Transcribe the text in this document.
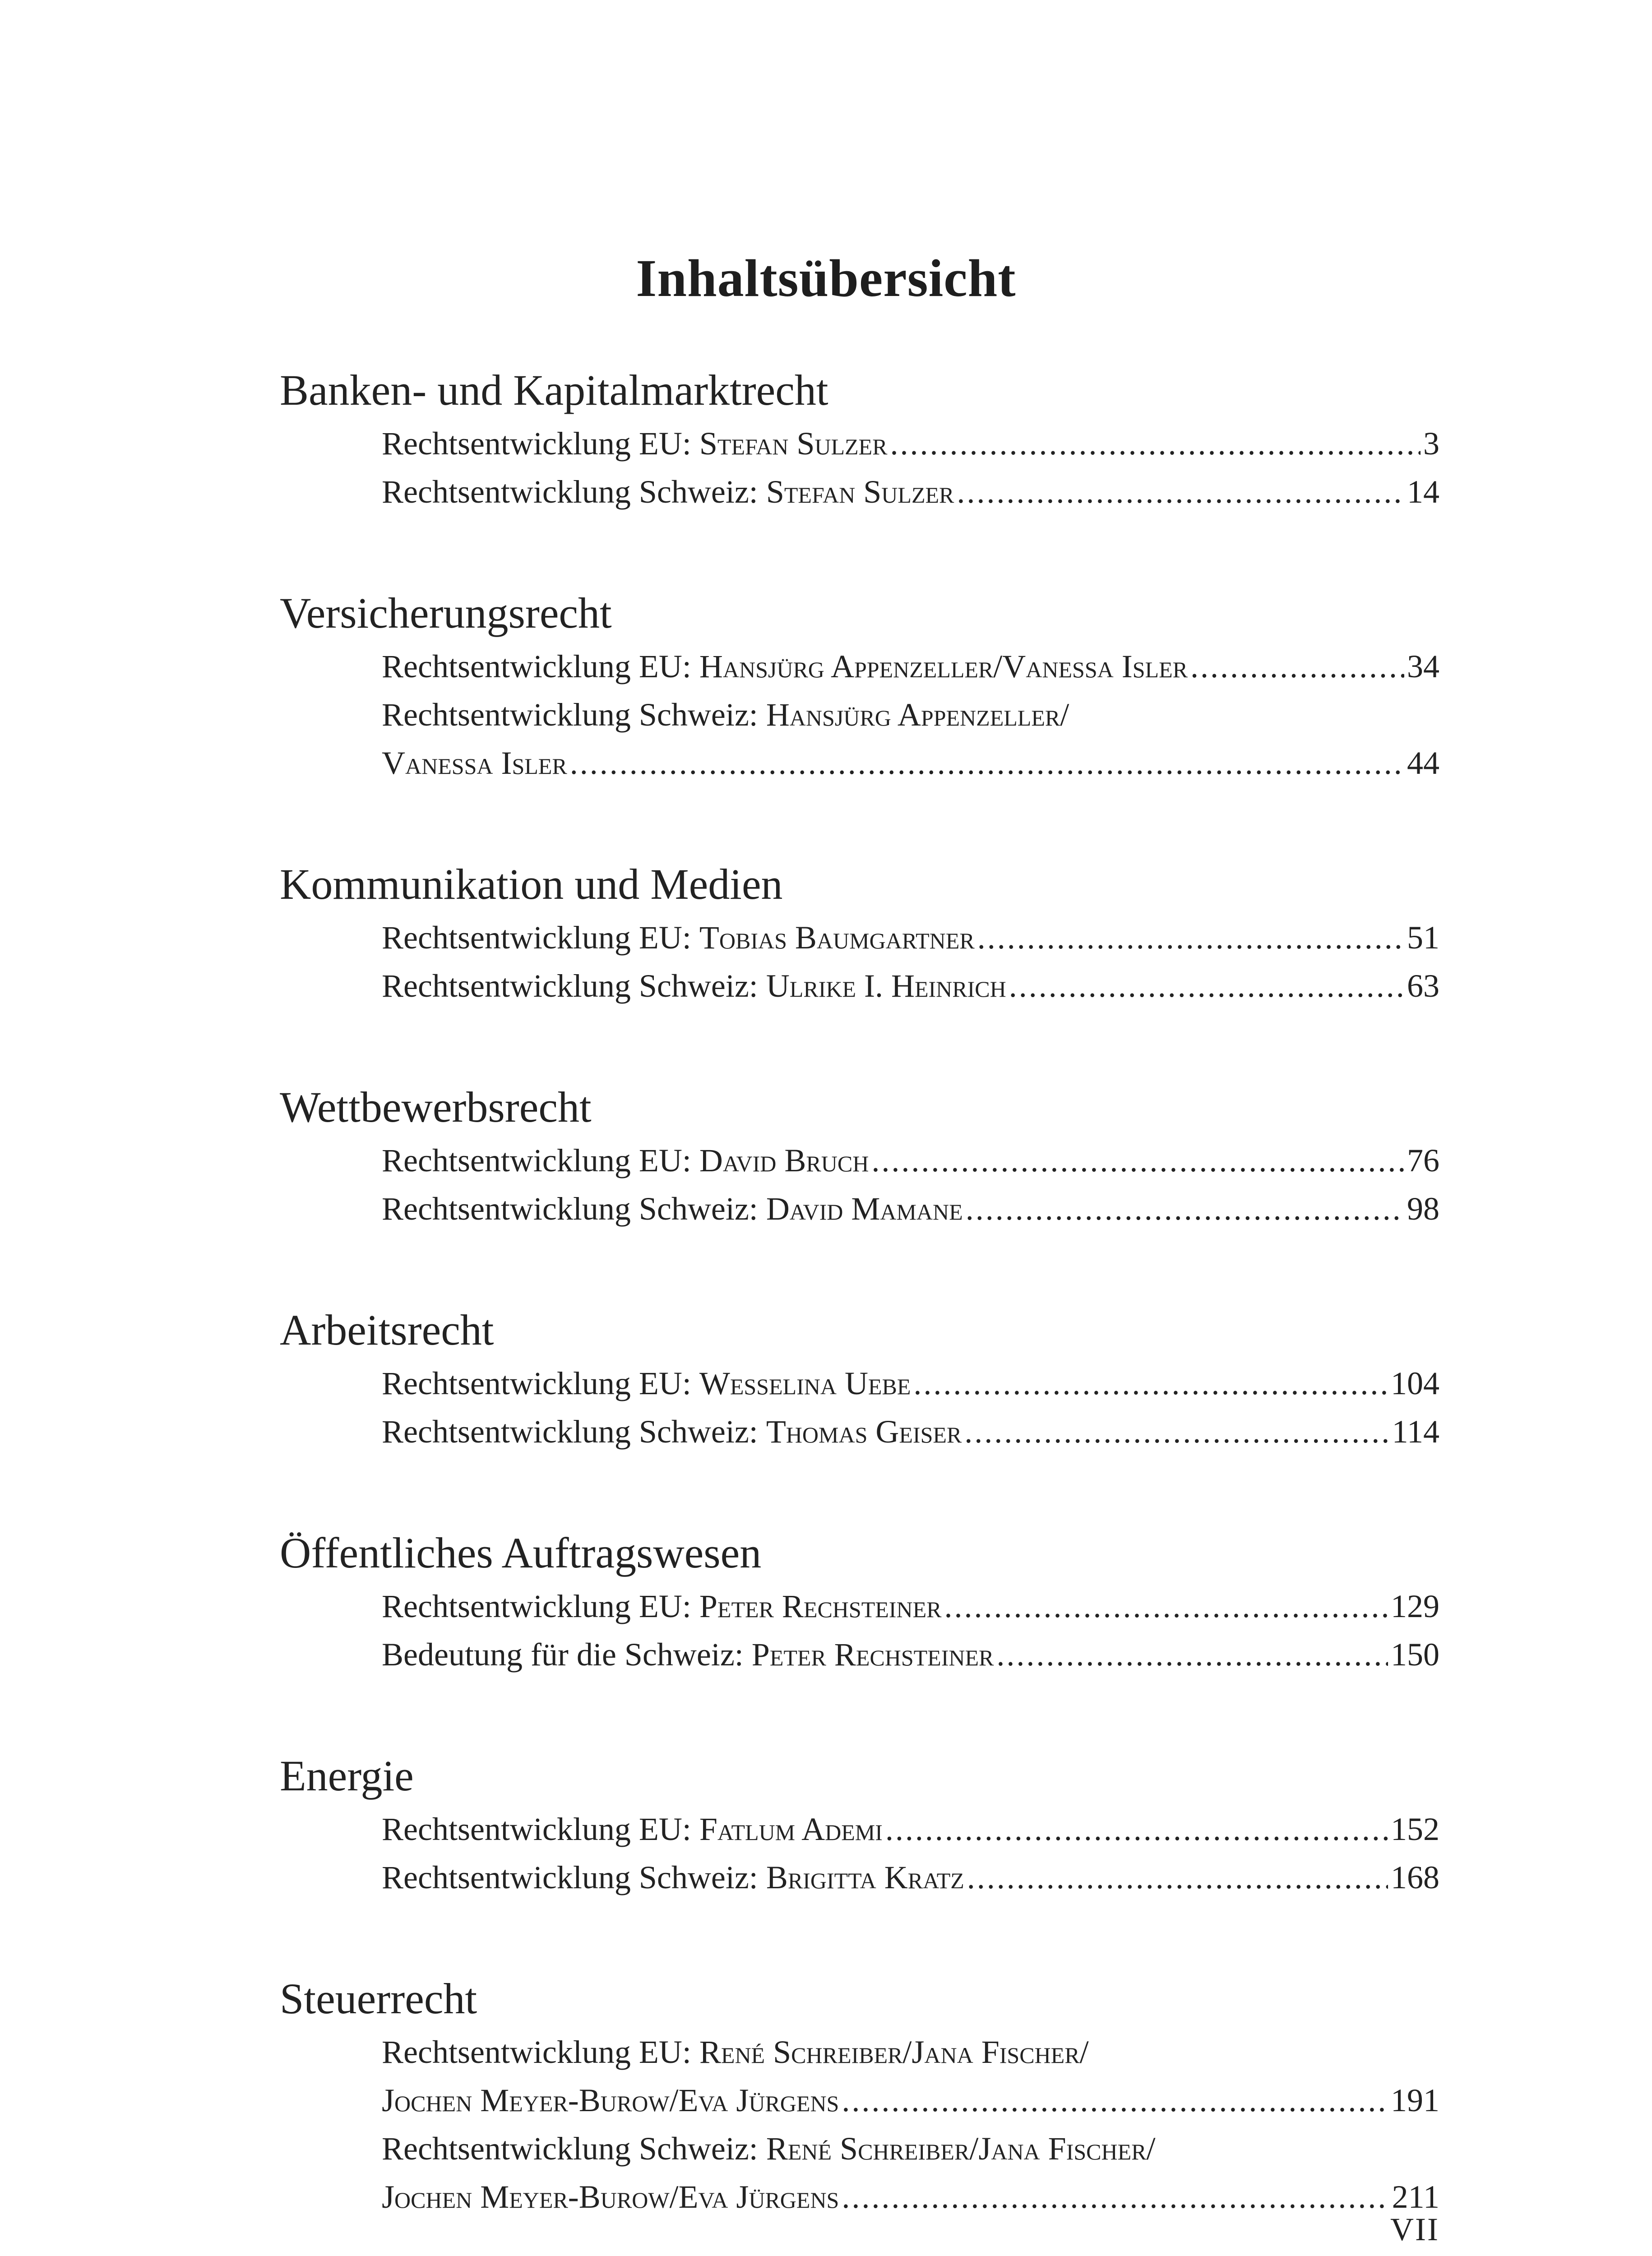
Inhaltsübersicht
Banken- und Kapitalmarktrecht
Rechtsentwicklung EU:
Stefan Sulzer .....	3
Rechtsentwicklung Schweiz:
Stefan Sulzer .....	14
Versicherungsrecht
Rechtsentwicklung EU:
Hansjürg Appenzeller/Vanessa Isler .....	34
Rechtsentwicklung Schweiz:
Hansjürg Appenzeller/
Vanessa Isler .....	44
Kommunikation und Medien
Rechtsentwicklung EU:
Tobias Baumgartner .....	51
Rechtsentwicklung Schweiz:
Ulrike I. Heinrich .....	63
Wettbewerbsrecht
Rechtsentwicklung EU:
David Bruch .....	76
Rechtsentwicklung Schweiz:
David Mamane .....	98
Arbeitsrecht
Rechtsentwicklung EU:
Wesselina Uebe .....	104
Rechtsentwicklung Schweiz:
Thomas Geiser .....	114
Öffentliches Auftragswesen
Rechtsentwicklung EU:
Peter Rechsteiner .....	129
Bedeutung für die Schweiz:
Peter Rechsteiner .....	150
Energie
Rechtsentwicklung EU:
Fatlum Ademi .....	152
Rechtsentwicklung Schweiz:
Brigitta Kratz .....	168
Steuerrecht
Rechtsentwicklung EU:
René Schreiber/Jana Fischer/
Jochen Meyer-Burow/Eva Jürgens .....	191
Rechtsentwicklung Schweiz:
René Schreiber/Jana Fischer/
Jochen Meyer-Burow/Eva Jürgens .....	211
VII
